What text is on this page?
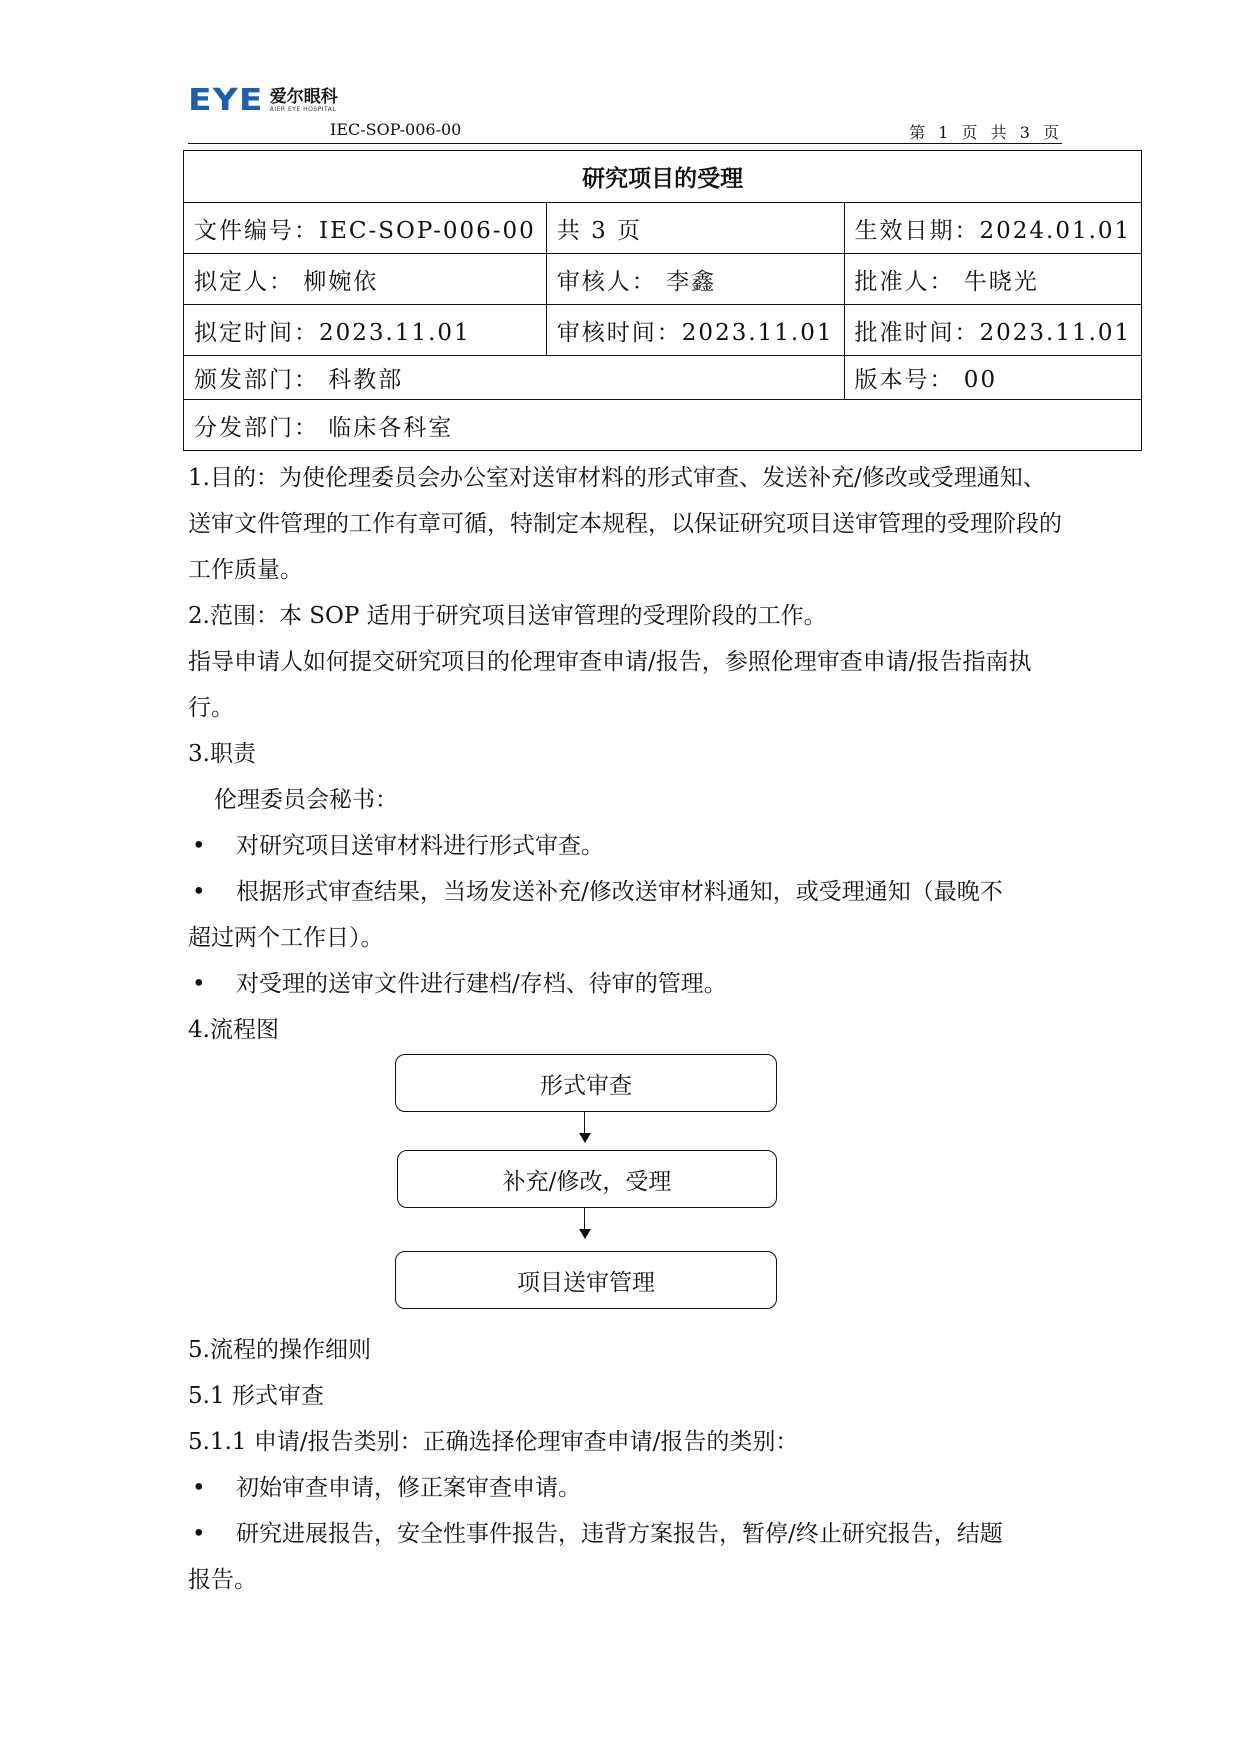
EYE 爱尔眼科
AIER EYE HOSPITAL
IEC-SOP-006-00	第 1 页 共 3 页
研究项目的受理		
文件编号：IEC-SOP-006-00	共 3 页	生效日期：2024.01.01
拟定人： 柳婉依	审核人： 李鑫	批准人： 牛晓光
拟定时间：2023.11.01	审核时间：2023.11.01	批准时间：2023.11.01
颁发部门： 科教部		版本号： 00
分发部门： 临床各科室		

1.目的：为使伦理委员会办公室对送审材料的形式审查、发送补充/修改或受理通知、送审文件管理的工作有章可循，特制定本规程，以保证研究项目送审管理的受理阶段的工作质量。

2.范围：本 SOP 适用于研究项目送审管理的受理阶段的工作。

指导申请人如何提交研究项目的伦理审查申请/报告，参照伦理审查申请/报告指南执行。

3.职责

伦理委员会秘书：

•	对研究项目送审材料进行形式审查。
•	根据形式审查结果，当场发送补充/修改送审材料通知，或受理通知（最晚不

超过两个工作日）。

•	对受理的送审文件进行建档/存档、待审的管理。

4.流程图

形式审查
补充/修改，受理
项目送审管理

5.流程的操作细则

5.1 形式审查

5.1.1 申请/报告类别：正确选择伦理审查申请/报告的类别：

•	初始审查申请，修正案审查申请。
•	研究进展报告，安全性事件报告，违背方案报告，暂停/终止研究报告，结题

报告。
